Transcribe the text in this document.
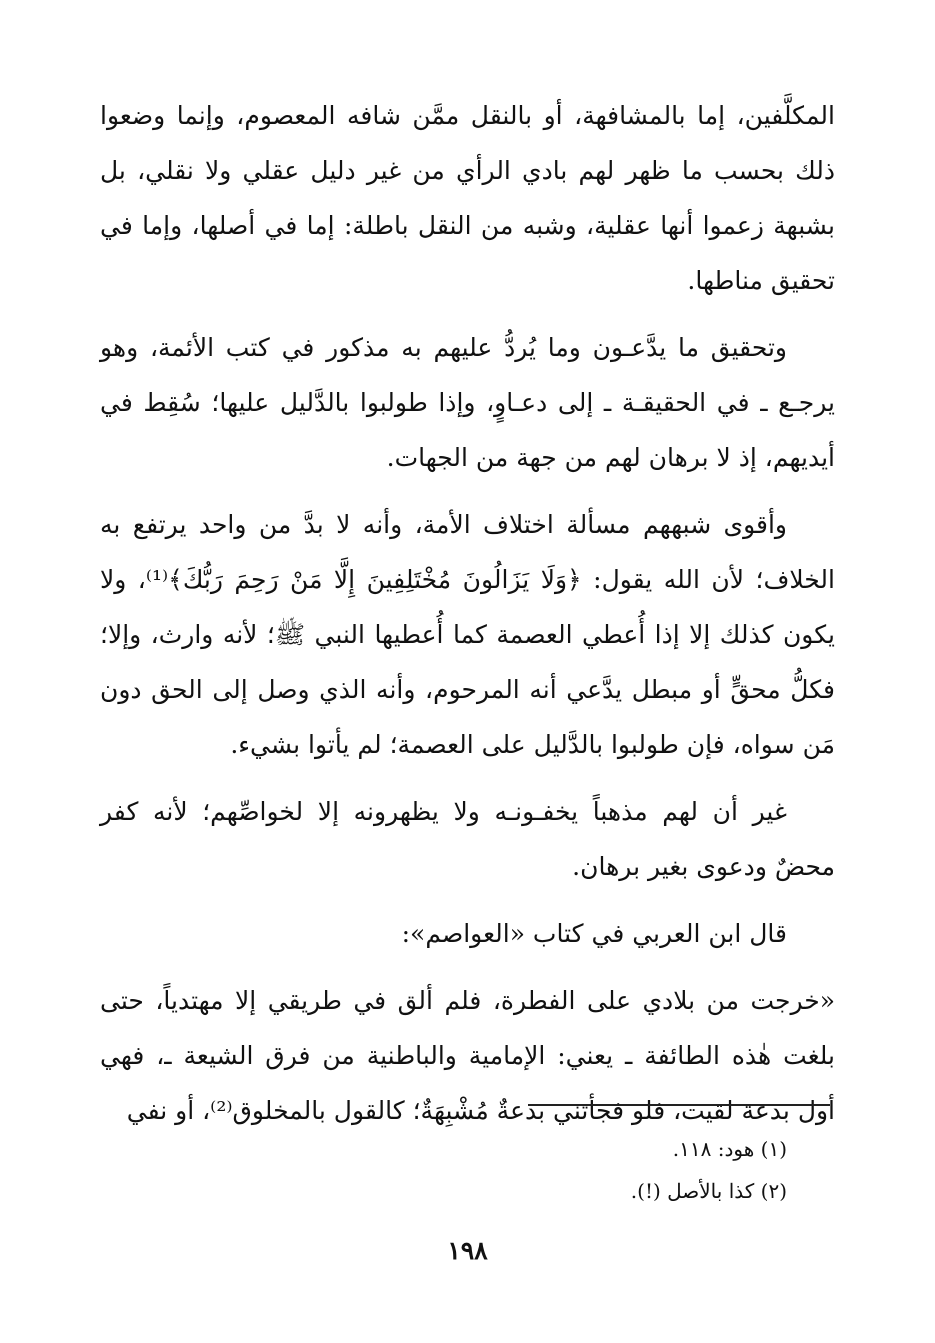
المكلَّفين، إما بالمشافهة، أو بالنقل ممَّن شافه المعصوم، وإنما وضعوا ذلك بحسب ما ظهر لهم بادي الرأي من غير دليل عقلي ولا نقلي، بل بشبهة زعموا أنها عقلية، وشبه من النقل باطلة: إما في أصلها، وإما في تحقيق مناطها.

وتحقيق ما يدَّعـون وما يُردُّ عليهم به مذكور في كتب الأئمة، وهو يرجـع ـ في الحقيقـة ـ إلى دعـاوٍ، وإذا طولبوا بالدَّليل عليها؛ سُقِط في أيديهم، إذ لا برهان لهم من جهة من الجهات.

وأقوى شبههم مسألة اختلاف الأمة، وأنه لا بدَّ من واحد يرتفع به الخلاف؛ لأن الله يقول: ﴿وَلَا يَزَالُونَ مُخْتَلِفِينَ إِلَّا مَنْ رَحِمَ رَبُّكَ﴾⁽¹⁾، ولا يكون كذلك إلا إذا أُعطي العصمة كما أُعطيها النبي ﷺ؛ لأنه وارث، وإلا؛ فكلُّ محقٍّ أو مبطل يدَّعي أنه المرحوم، وأنه الذي وصل إلى الحق دون مَن سواه، فإن طولبوا بالدَّليل على العصمة؛ لم يأتوا بشيء.

غير أن لهم مذهباً يخفـونـه ولا يظهرونه إلا لخواصِّهم؛ لأنه كفر محضٌ ودعوى بغير برهان.

قال ابن العربي في كتاب «العواصم»:

«خرجت من بلادي على الفطرة، فلم ألق في طريقي إلا مهتدياً، حتى بلغت هٰذه الطائفة ـ يعني: الإمامية والباطنية من فرق الشيعة ـ، فهي أول بدعة لقيت، فلو فجأتني بدعةٌ مُشْبِهَةٌ؛ كالقول بالمخلوق⁽²⁾، أو نفي

(١) هود: ١١٨.
(٢) كذا بالأصل (!).
١٩٨
